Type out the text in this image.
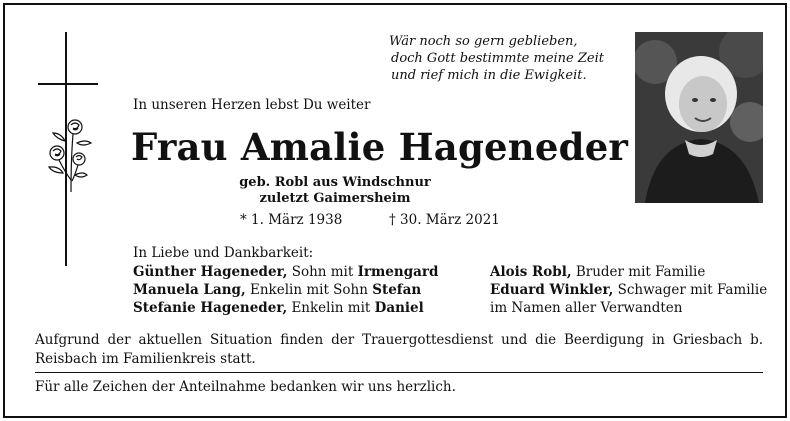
Wär noch so gern geblieben,
doch Gott bestimmte meine Zeit
und rief mich in die Ewigkeit.
In unseren Herzen lebst Du weiter
Frau Amalie Hageneder
geb. Robl aus Windschnur
zuletzt Gaimersheim
* 1. März 1938	† 30. März 2021
In Liebe und Dankbarkeit:
Günther Hageneder, Sohn mit Irmengard
Manuela Lang, Enkelin mit Sohn Stefan
Stefanie Hageneder, Enkelin mit Daniel
Alois Robl, Bruder mit Familie
Eduard Winkler, Schwager mit Familie
im Namen aller Verwandten
Aufgrund der aktuellen Situation finden der Trauergottesdienst und die Beerdigung in Griesbach b. Reisbach im Familienkreis statt.
Für alle Zeichen der Anteilnahme bedanken wir uns herzlich.
